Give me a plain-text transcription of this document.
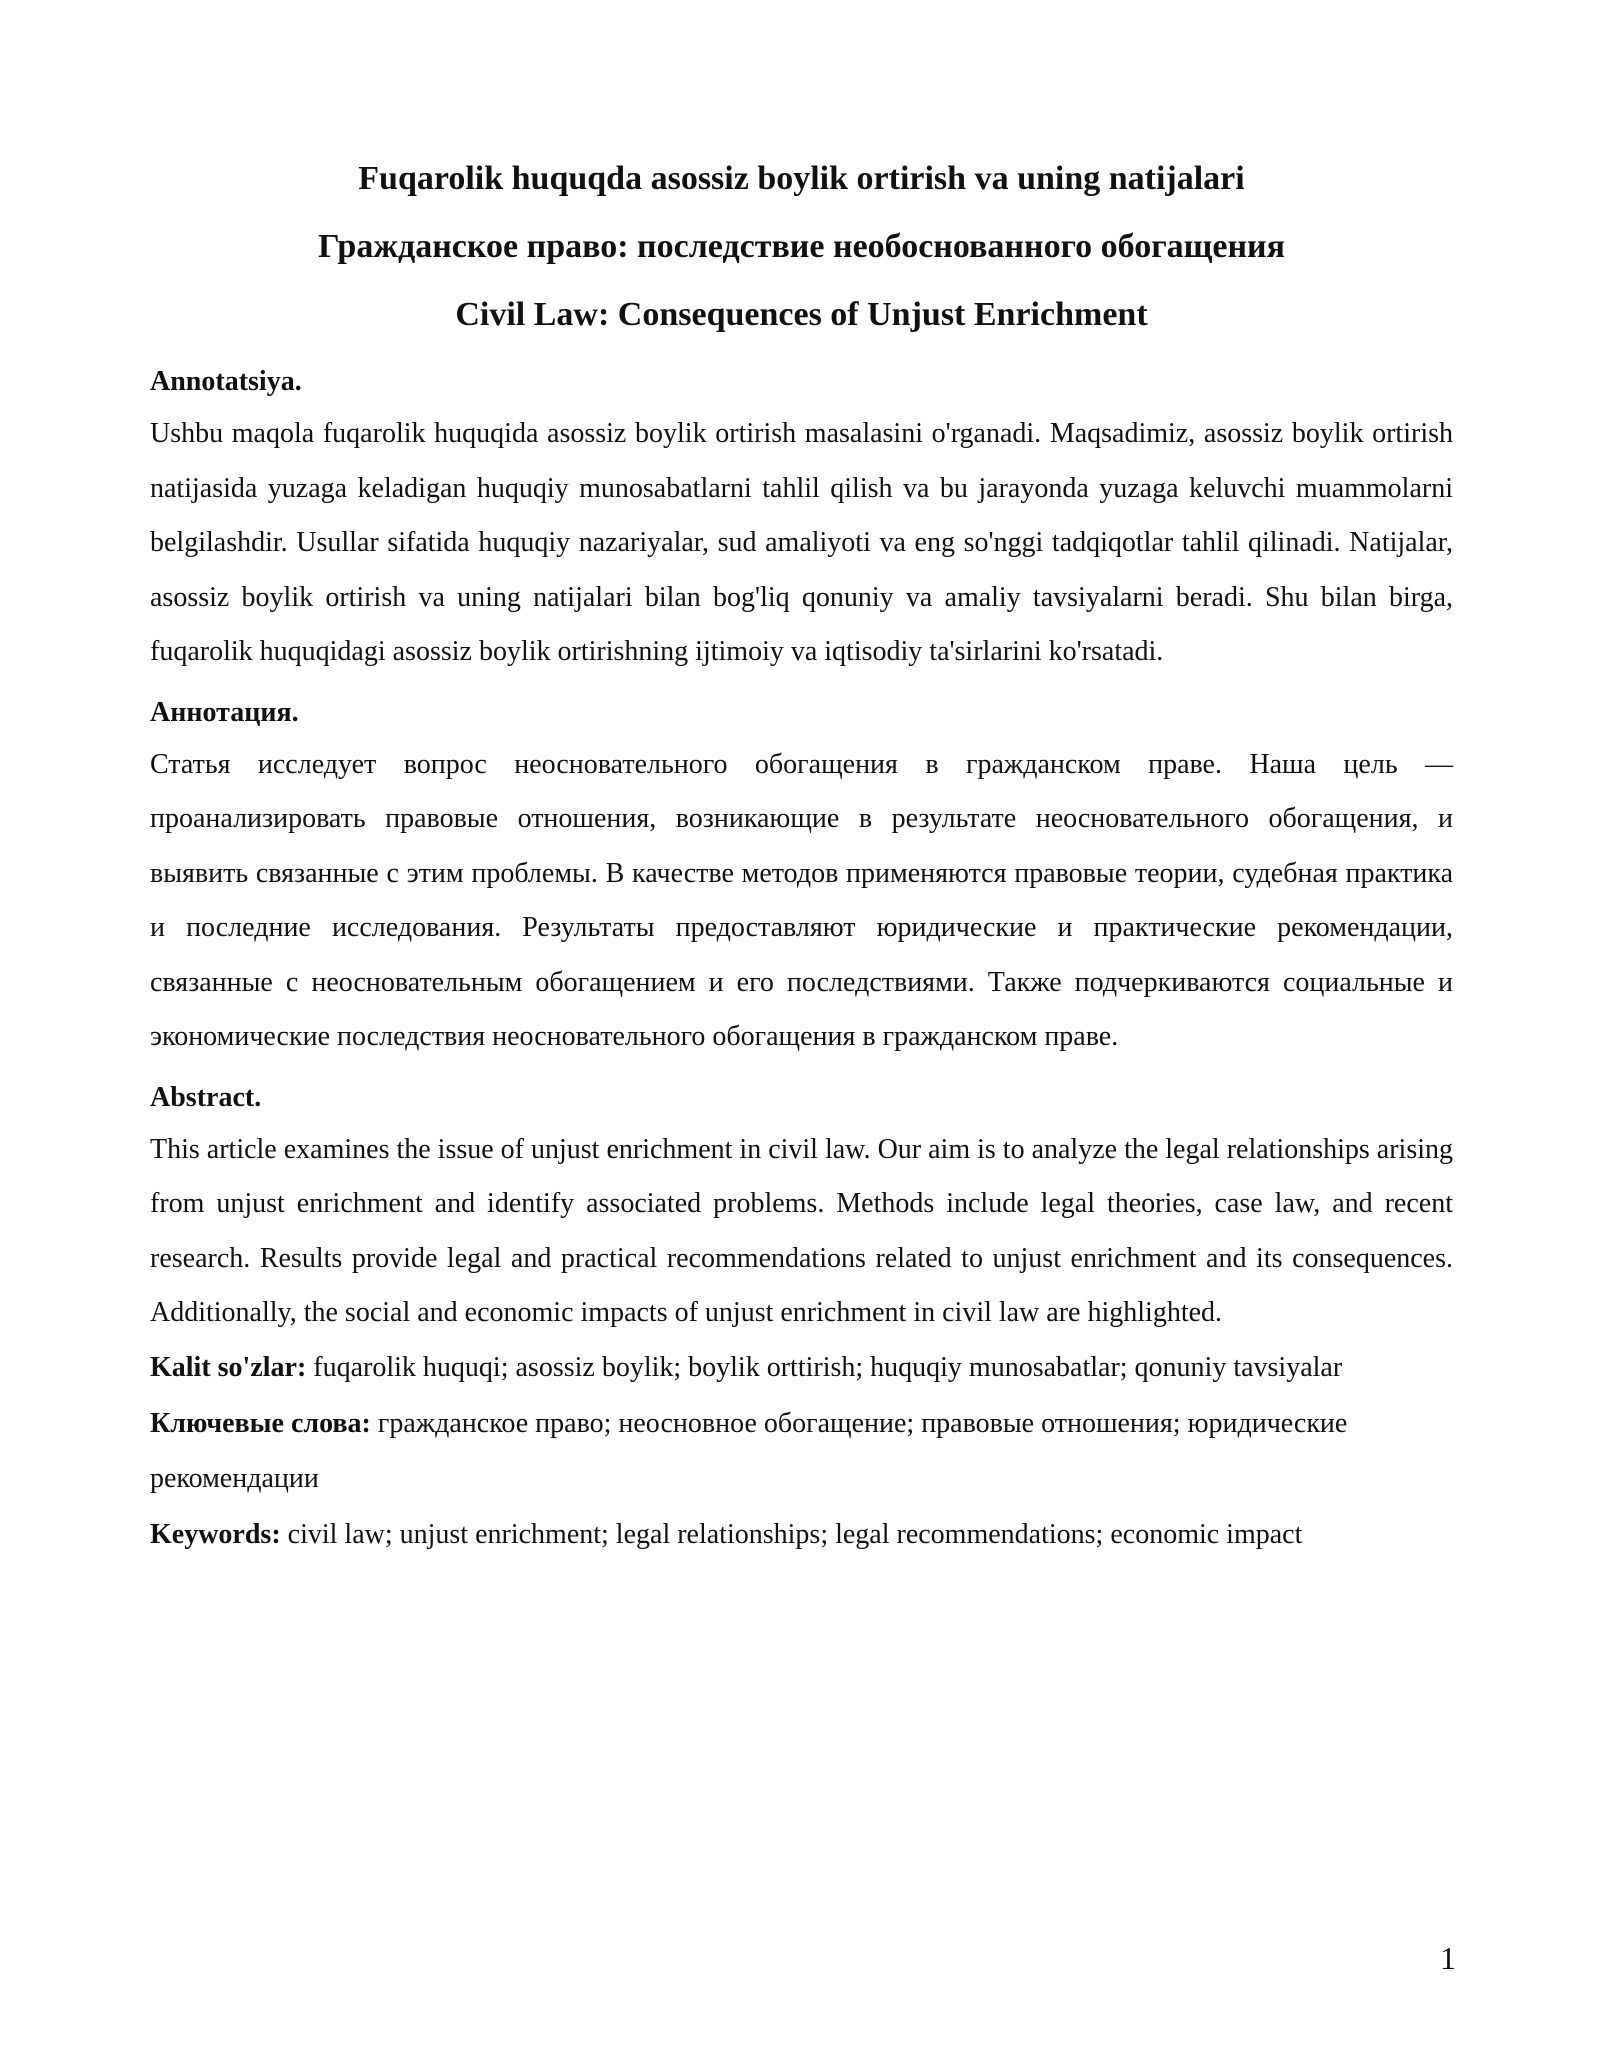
Fuqarolik huquqda asossiz boylik ortirish va uning natijalari
Гражданское право: последствие необоснованного обогащения
Civil Law: Consequences of Unjust Enrichment
Annotatsiya.

Ushbu maqola fuqarolik huquqida asossiz boylik ortirish masalasini o'rganadi. Maqsadimiz, asossiz boylik ortirish natijasida yuzaga keladigan huquqiy munosabatlarni tahlil qilish va bu jarayonda yuzaga keluvchi muammolarni belgilashdir. Usullar sifatida huquqiy nazariyalar, sud amaliyoti va eng so'nggi tadqiqotlar tahlil qilinadi. Natijalar, asossiz boylik ortirish va uning natijalari bilan bog'liq qonuniy va amaliy tavsiyalarni beradi. Shu bilan birga, fuqarolik huquqidagi asossiz boylik ortirishning ijtimoiy va iqtisodiy ta'sirlarini ko'rsatadi.

Аннотация.

Статья исследует вопрос неосновательного обогащения в гражданском праве. Наша цель — проанализировать правовые отношения, возникающие в результате неосновательного обогащения, и выявить связанные с этим проблемы. В качестве методов применяются правовые теории, судебная практика и последние исследования. Результаты предоставляют юридические и практические рекомендации, связанные с неосновательным обогащением и его последствиями. Также подчеркиваются социальные и экономические последствия неосновательного обогащения в гражданском праве.

Abstract.

This article examines the issue of unjust enrichment in civil law. Our aim is to analyze the legal relationships arising from unjust enrichment and identify associated problems. Methods include legal theories, case law, and recent research. Results provide legal and practical recommendations related to unjust enrichment and its consequences. Additionally, the social and economic impacts of unjust enrichment in civil law are highlighted.

Kalit so'zlar: fuqarolik huquqi; asossiz boylik; boylik orttirish; huquqiy munosabatlar; qonuniy tavsiyalar

Ключевые слова: гражданское право; неосновное обогащение; правовые отношения; юридические рекомендации

Keywords: civil law; unjust enrichment; legal relationships; legal recommendations; economic impact

1
